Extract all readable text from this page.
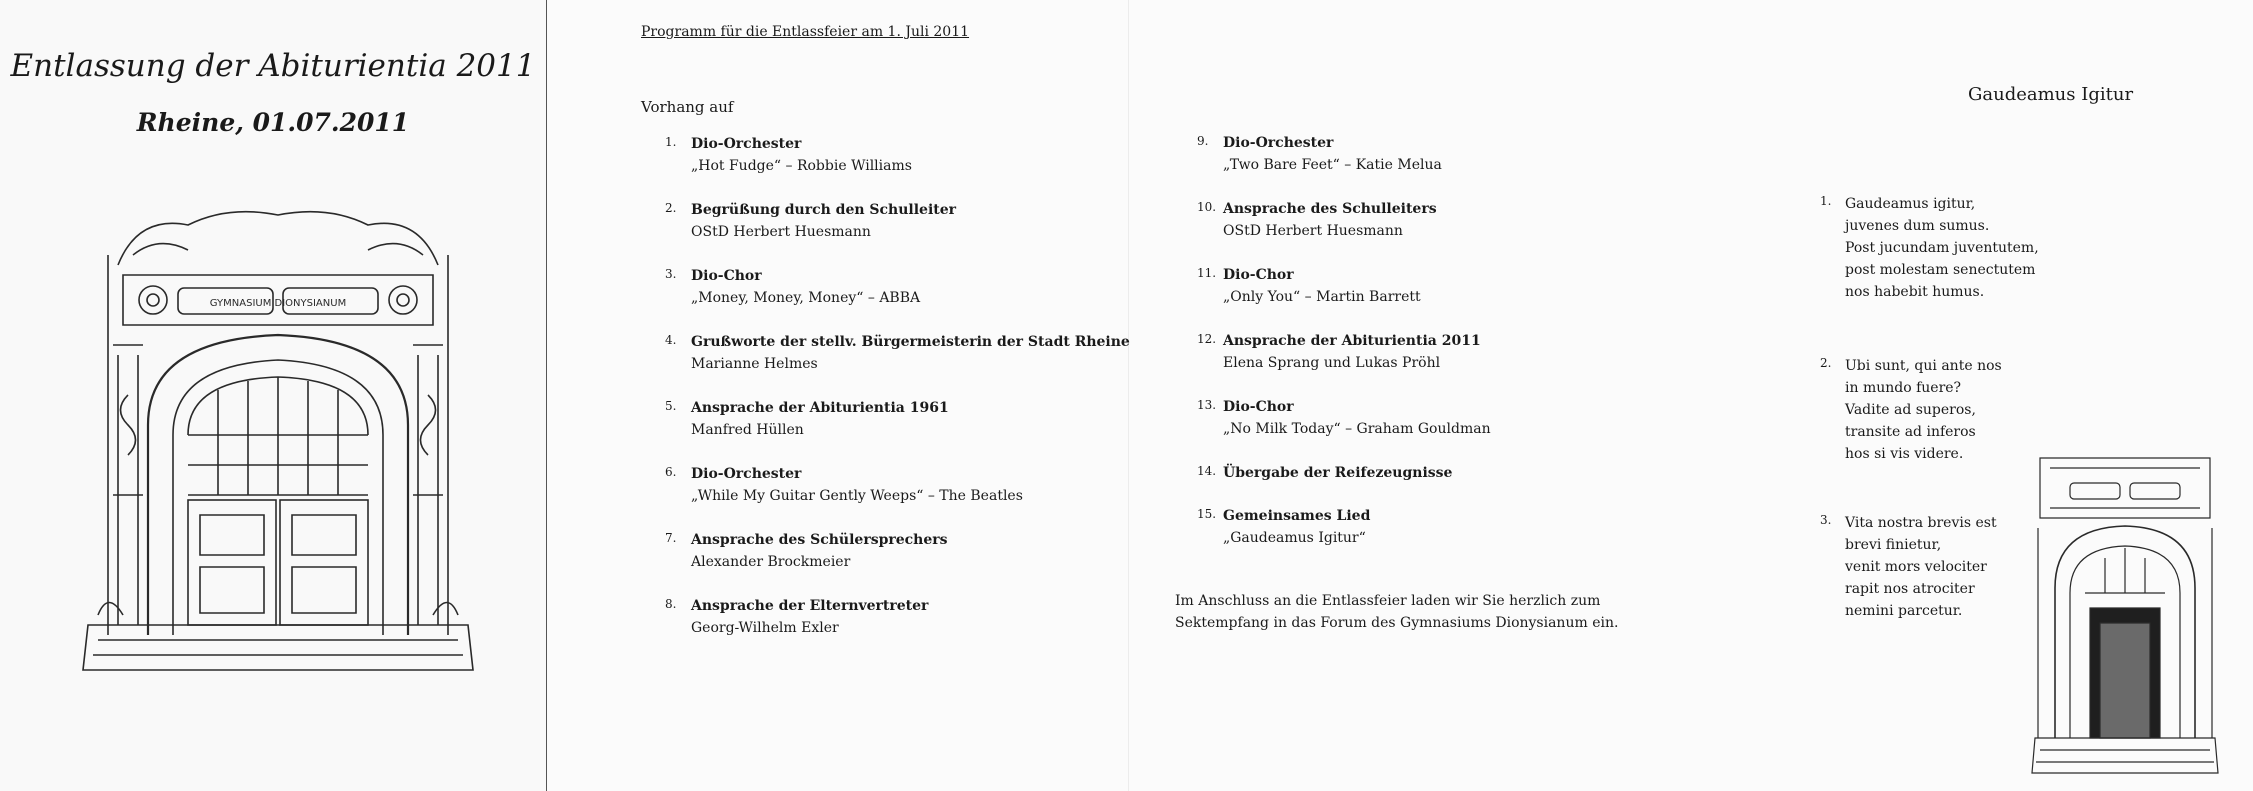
Entlassung der Abiturientia 2011
Rheine, 01.07.2011
GYMNASIUM DIONYSIANUM

Programm für die Entlassfeier am 1. Juli 2011

Vorhang auf

1.	Dio-Orchester
„Hot Fudge“ – Robbie Williams
2.	Begrüßung durch den Schulleiter
OStD Herbert Huesmann
3.	Dio-Chor
„Money, Money, Money“ – ABBA
4.	Grußworte der stellv. Bürgermeisterin der Stadt Rheine
Marianne Helmes
5.	Ansprache der Abiturientia 1961
Manfred Hüllen
6.	Dio-Orchester
„While My Guitar Gently Weeps“ – The Beatles
7.	Ansprache des Schülersprechers
Alexander Brockmeier
8.	Ansprache der Elternvertreter
Georg-Wilhelm Exler
9.	Dio-Orchester
„Two Bare Feet“ – Katie Melua
10. Ansprache des Schulleiters
OStD Herbert Huesmann
11. Dio-Chor
„Only You“ – Martin Barrett
12. Ansprache der Abiturientia 2011
Elena Sprang und Lukas Pröhl
13. Dio-Chor
„No Milk Today“ – Graham Gouldman
14. Übergabe der Reifezeugnisse
15. Gemeinsames Lied
„Gaudeamus Igitur“

Im Anschluss an die Entlassfeier laden wir Sie herzlich zum Sektempfang in das Forum des Gymnasiums Dionysianum ein.

Gaudeamus Igitur
1. Gaudeamus igitur,
juvenes dum sumus.
Post jucundam juventutem,
post molestam senectutem
nos habebit humus.
2. Ubi sunt, qui ante nos
in mundo fuere?
Vadite ad superos,
transite ad inferos
hos si vis videre.
3. Vita nostra brevis est
brevi finietur,
venit mors velociter
rapit nos atrociter
nemini parcetur.
